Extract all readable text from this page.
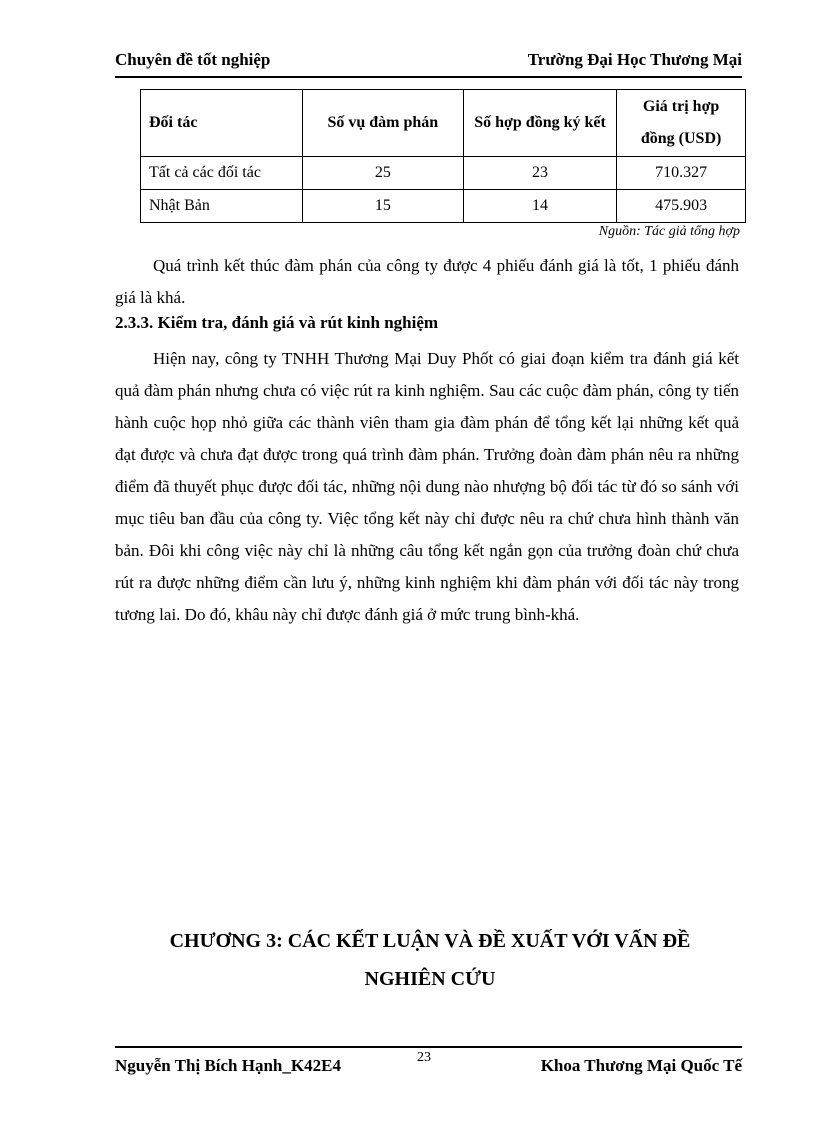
Chuyên đề tốt nghiệp	Trường Đại Học Thương Mại
Đối tác	Số vụ đàm phán	Số hợp đồng ký kết	Giá trị hợp đồng (USD)
Tất cả các đối tác	25	23	710.327
Nhật Bản	15	14	475.903
Nguồn: Tác giả tổng hợp

Quá trình kết thúc đàm phán của công ty được 4 phiếu đánh giá là tốt, 1 phiếu đánh giá là khá.

2.3.3. Kiểm tra, đánh giá và rút kinh nghiệm

Hiện nay, công ty TNHH Thương Mại Duy Phốt có giai đoạn kiểm tra đánh giá kết quả đàm phán nhưng chưa có việc rút ra kinh nghiệm. Sau các cuộc đàm phán, công ty tiến hành cuộc họp nhỏ giữa các thành viên tham gia đàm phán để tổng kết lại những kết quả đạt được và chưa đạt được trong quá trình đàm phán. Trưởng đoàn đàm phán nêu ra những điểm đã thuyết phục được đối tác, những nội dung nào nhượng bộ đối tác từ đó so sánh với mục tiêu ban đầu của công ty. Việc tổng kết này chỉ được nêu ra chứ chưa hình thành văn bản. Đôi khi công việc này chỉ là những câu tổng kết ngắn gọn của trưởng đoàn chứ chưa rút ra được những điểm cần lưu ý, những kinh nghiệm khi đàm phán với đối tác này trong tương lai. Do đó, khâu này chỉ được đánh giá ở mức trung bình-khá.

CHƯƠNG 3: CÁC KẾT LUẬN VÀ ĐỀ XUẤT VỚI VẤN ĐỀ
NGHIÊN CỨU
Nguyễn Thị Bích Hạnh_K42E4	23	Khoa Thương Mại Quốc Tế
